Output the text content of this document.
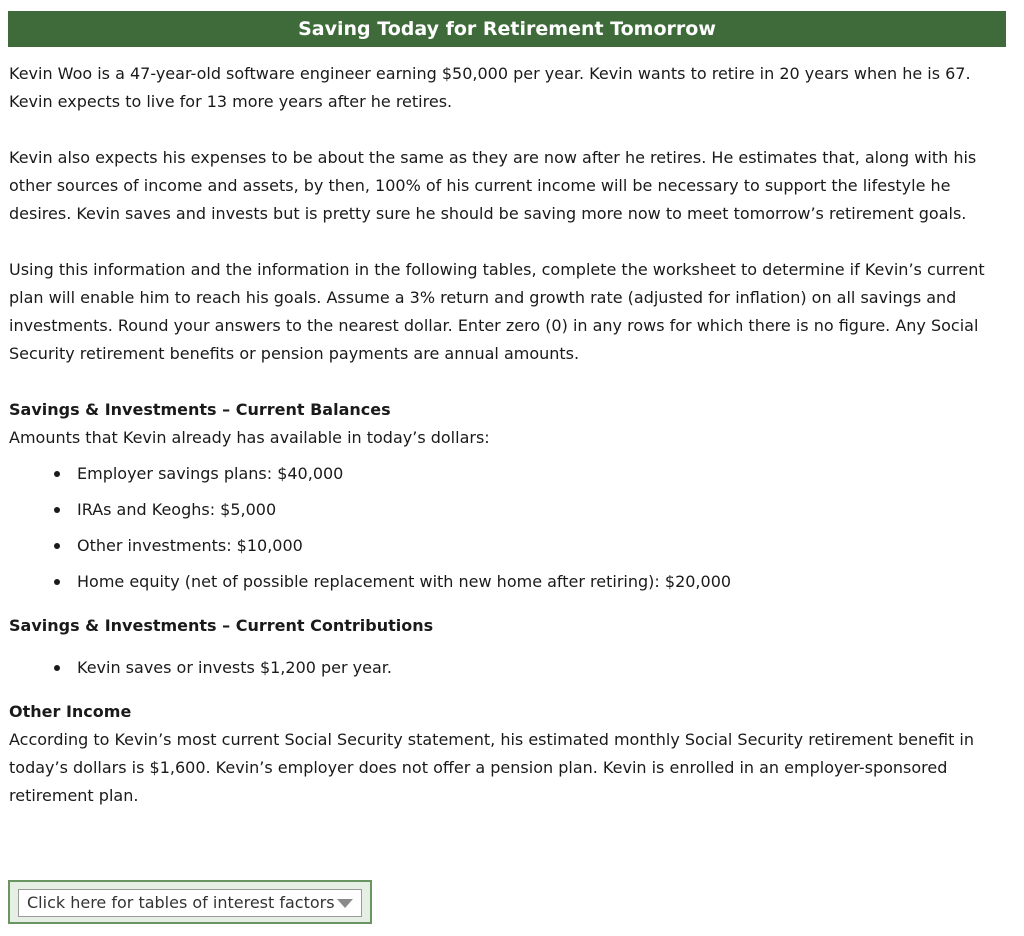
Saving Today for Retirement Tomorrow

Kevin Woo is a 47-year-old software engineer earning $50,000 per year. Kevin wants to retire in 20 years when he is 67. Kevin expects to live for 13 more years after he retires.

Kevin also expects his expenses to be about the same as they are now after he retires. He estimates that, along with his other sources of income and assets, by then, 100% of his current income will be necessary to support the lifestyle he desires. Kevin saves and invests but is pretty sure he should be saving more now to meet tomorrow’s retirement goals.

Using this information and the information in the following tables, complete the worksheet to determine if Kevin’s current plan will enable him to reach his goals. Assume a 3% return and growth rate (adjusted for inflation) on all savings and investments. Round your answers to the nearest dollar. Enter zero (0) in any rows for which there is no figure. Any Social Security retirement benefits or pension payments are annual amounts.

Savings & Investments – Current Balances

Amounts that Kevin already has available in today’s dollars:

Employer savings plans: $40,000
IRAs and Keoghs: $5,000
Other investments: $10,000
Home equity (net of possible replacement with new home after retiring): $20,000

Savings & Investments – Current Contributions

Kevin saves or invests $1,200 per year.

Other Income

According to Kevin’s most current Social Security statement, his estimated monthly Social Security retirement benefit in today’s dollars is $1,600. Kevin’s employer does not offer a pension plan. Kevin is enrolled in an employer-sponsored retirement plan.

Click here for tables of interest factors
